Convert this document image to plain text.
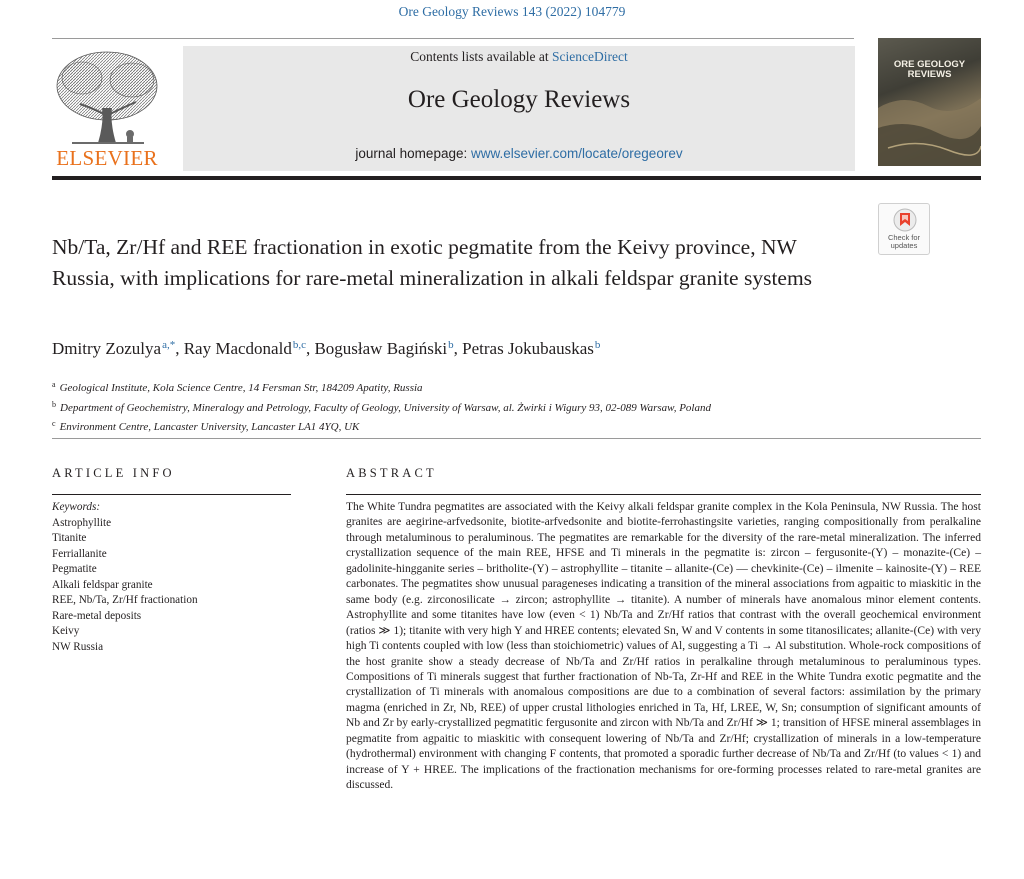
Ore Geology Reviews 143 (2022) 104779
ELSEVIER
Contents lists available at ScienceDirect
Ore Geology Reviews
journal homepage: www.elsevier.com/locate/oregeorev
ORE GEOLOGY REVIEWS
Check for updates
Nb/Ta, Zr/Hf and REE fractionation in exotic pegmatite from the Keivy province, NW Russia, with implications for rare-metal mineralization in alkali feldspar granite systems
Dmitry Zozulya$^{a,*}$, Ray Macdonald$^{b,c}$, Bogusław Bagiński$^b$, Petras Jokubauskas$^b$
$^a$ Geological Institute, Kola Science Centre, 14 Fersman Str, 184209 Apatity, Russia
$^b$ Department of Geochemistry, Mineralogy and Petrology, Faculty of Geology, University of Warsaw, al. Żwirki i Wigury 93, 02-089 Warsaw, Poland
$^c$ Environment Centre, Lancaster University, Lancaster LA1 4YQ, UK
ARTICLE INFO	ABSTRACT
Keywords:
Astrophyllite
Titanite
Ferriallanite
Pegmatite
Alkali feldspar granite
REE, Nb/Ta, Zr/Hf fractionation
Rare-metal deposits
Keivy
NW Russia

The White Tundra pegmatites are associated with the Keivy alkali feldspar granite complex in the Kola Peninsula, NW Russia. The host granites are aegirine-arfvedsonite, biotite-arfvedsonite and biotite-ferrohastingsite varieties, ranging compositionally from peralkaline through metaluminous to peraluminous. The pegmatites are remarkable for the diversity of the rare-metal mineralization. The inferred crystallization sequence of the main REE, HFSE and Ti minerals in the pegmatite is: zircon – fergusonite-(Y) – monazite-(Ce) – gadolinite-hingganite series – britholite-(Y) – astrophyllite – titanite – allanite-(Ce) — chevkinite-(Ce) – ilmenite – kainosite-(Y) – REE carbonates. The pegmatites show unusual parageneses indicating a transition of the mineral associations from agpaitic to miaskitic in the same body (e.g. zirconosilicate → zircon; astrophyllite → titanite). A number of minerals have anomalous minor element contents. Astrophyllite and some titanites have low (even < 1) Nb/Ta and Zr/Hf ratios that contrast with the overall geochemical environment (ratios ≫ 1); titanite with very high Y and HREE contents; elevated Sn, W and V contents in some titanosilicates; allanite-(Ce) with very high Ti contents coupled with low (less than stoichiometric) values of Al, suggesting a Ti → Al substitution. Whole-rock compositions of the host granite show a steady decrease of Nb/Ta and Zr/Hf ratios in peralkaline through metaluminous to peraluminous types. Compositions of Ti minerals suggest that further fractionation of Nb-Ta, Zr-Hf and REE in the White Tundra exotic pegmatite and the crystallization of Ti minerals with anomalous compositions are due to a combination of several factors: assimilation by the primary magma (enriched in Zr, Nb, REE) of upper crustal lithologies enriched in Ta, Hf, LREE, W, Sn; consumption of significant amounts of Nb and Zr by early-crystallized pegmatitic fergusonite and zircon with Nb/Ta and Zr/Hf ≫ 1; transition of HFSE mineral assemblages in pegmatite from agpaitic to miaskitic with consequent lowering of Nb/Ta and Zr/Hf; crystallization of minerals in a low-temperature (hydrothermal) environment with changing F contents, that promoted a sporadic further decrease of Nb/Ta and Zr/Hf (to values < 1) and increase of Y + HREE. The implications of the fractionation mechanisms for ore-forming processes related to rare-metal granites are discussed.
